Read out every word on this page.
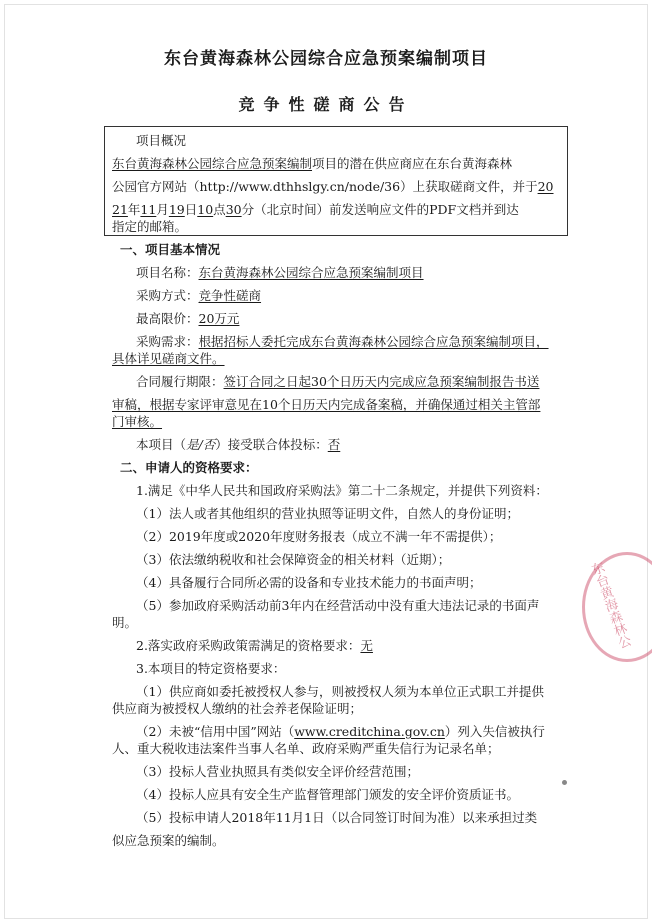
东台黄海森林公园综合应急预案编制项目
竞争性磋商公告
项目概况
东台黄海森林公园综合应急预案编制项目的潜在供应商应在东台黄海森林
公园官方网站（http://www.dthhslgy.cn/node/36）上获取磋商文件，并于20
21年11月19日10点30分（北京时间）前发送响应文件的PDF文档并到达
指定的邮箱。
一、项目基本情况
项目名称：东台黄海森林公园综合应急预案编制项目
采购方式：竞争性磋商
最高限价：20万元
采购需求：根据招标人委托完成东台黄海森林公园综合应急预案编制项目，
具体详见磋商文件。
合同履行期限：签订合同之日起30个日历天内完成应急预案编制报告书送
审稿，根据专家评审意见在10个日历天内完成备案稿，并确保通过相关主管部
门审核。
本项目（是/否）接受联合体投标：否
二、申请人的资格要求：
1.满足《中华人民共和国政府采购法》第二十二条规定，并提供下列资料：
（1）法人或者其他组织的营业执照等证明文件，自然人的身份证明；
（2）2019年度或2020年度财务报表（成立不满一年不需提供）；
（3）依法缴纳税收和社会保障资金的相关材料（近期）；
（4）具备履行合同所必需的设备和专业技术能力的书面声明；
（5）参加政府采购活动前3年内在经营活动中没有重大违法记录的书面声
明。
2.落实政府采购政策需满足的资格要求：无
3.本项目的特定资格要求：
（1）供应商如委托被授权人参与，则被授权人须为本单位正式职工并提供
供应商为被授权人缴纳的社会养老保险证明；
（2）未被“信用中国”网站（www.creditchina.gov.cn）列入失信被执行
人、重大税收违法案件当事人名单、政府采购严重失信行为记录名单；
（3）投标人营业执照具有类似安全评价经营范围；
（4）投标人应具有安全生产监督管理部门颁发的安全评价资质证书。
（5）投标申请人2018年11月1日（以合同签订时间为准）以来承担过类
似应急预案的编制。
东台黄海森林公
